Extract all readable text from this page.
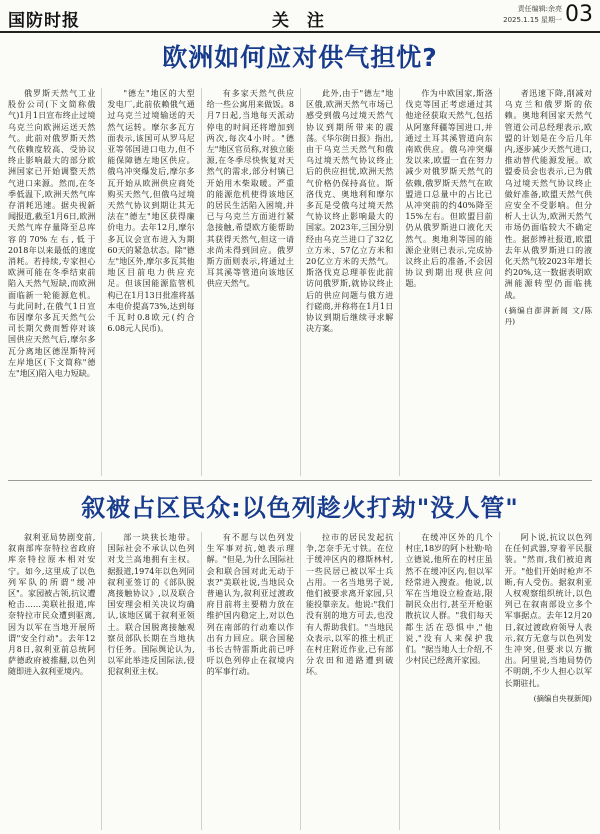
国防时报	关 注
责任编辑:余亮
2025.1.15 星期一 03
欧洲如何应对供气担忧?

俄罗斯天然气工业股份公司(下文简称俄气)1月1日宣布终止过境乌克兰向欧洲运送天然气。此前对俄罗斯天然气依赖度较高、受协议终止影响最大的部分欧洲国家已开始调整天然气进口来源。然而,在冬季低温下,欧洲天然气库存消耗迅速。据央视新闻报道,截至1月6日,欧洲天然气库存量降至总库容的70%左右,低于2018年以来最低的速度消耗。若持续,专家担心欧洲可能在冬季结束前陷入天然气短缺,而欧洲面临新一轮能源危机。与此同时,在俄气1日宣布因摩尔多瓦天然气公司长期欠费而暂停对该国供应天然气后,摩尔多瓦分离地区德涅斯特河左岸地区(下文简称"德左"地区)陷入电力短缺。

"德左"地区的大型发电厂,此前依赖俄气通过乌克兰过境输送的天然气运转。摩尔多瓦方面表示,该国可从罗马尼亚等邻国进口电力,但不能保障德左地区供应。俄乌冲突爆发后,摩尔多瓦开始从欧洲供应商处购买天然气,但俄乌过境天然气协议到期让其无法在"德左"地区获得廉价电力。去年12月,摩尔多瓦议会宣布进入为期60天的紧急状态。除"德左"地区外,摩尔多瓦其他地区目前电力供应充足。但该国能源监管机构已在1月13日批准将基本电价提高73%,达到每千瓦时0.8欧元(约合6.08元人民币)。

有多家天然气供应给一些公寓用来做饭。8月7日起,当地每天派动停电的时间还将增加到两次,每次4小时。"德左"地区官员称,对独立能源,在冬季尽快恢复对天然气的需求,部分村镇已开始用木柴取暖。严重的能源危机使得该地区的居民生活陷入困境,并已与乌克兰方面进行紧急接触,希望欧方能帮助其获得天然气,但这一请求尚未得到回应。俄罗斯方面则表示,将通过土耳其溪等管道向该地区供应天然气。

此外,由于"德左"地区俄,欧洲天然气市场已感受到俄乌过境天然气协议到期所带来的震荡。《华尔街日报》指出,由于乌克兰天然气和俄乌过境天然气协议终止后的供应担忧,欧洲天然气价格仍保持高位。斯洛伐克、奥地利和摩尔多瓦是受俄乌过境天然气协议终止影响最大的国家。2023年,三国分别经由乌克兰进口了32亿立方米、57亿立方米和20亿立方米的天然气。斯洛伐克总理菲佐此前访问俄罗斯,就协议终止后的供应问题与俄方进行磋商,并称将在1月1日协议到期后继续寻求解决方案。

作为中欧国家,斯洛伐克等国正考虑通过其他途径获取天然气,包括从阿塞拜疆等国进口,并通过土耳其溪管道向东南欧供应。俄乌冲突爆发以来,欧盟一直在努力减少对俄罗斯天然气的依赖,俄罗斯天然气在欧盟进口总量中的占比已从冲突前的约40%降至15%左右。但欧盟目前仍从俄罗斯进口液化天然气。奥地利等国的能源企业则已表示,完成协议终止后的准备,不会因协议到期出现供应问题。

者迅速下降,削减对乌克兰和俄罗斯的依赖。奥地利国家天然气管道公司总经理表示,欧盟的计划是在今后几年内,逐步减少天然气进口,推动替代能源发展。欧盟委员会也表示,已为俄乌过境天然气协议终止做好准备,欧盟天然气供应安全不受影响。但分析人士认为,欧洲天然气市场仍面临较大不确定性。据彭博社报道,欧盟去年从俄罗斯进口的液化天然气较2023年增长约20%,这一数据表明欧洲能源转型仍面临挑战。

(摘编自澎湃新闻 文/陈 丹)
叙被占区民众:以色列趁火打劫"没人管"

叙利亚局势剧变前,叙南部库奈特拉省政府库奈特拉原本相对安宁。如今,这里成了以色列军队的所谓"缓冲区"。家园被占领,抗议遭枪击……美联社报道,库奈特拉市民众遭到驱离,因为以军在当地开展所谓"安全行动"。去年12月8日,叙利亚前总统阿萨德政府被推翻,以色列随即进入叙利亚境内。

部一块狭长地带。国际社会不承认以色列对戈兰高地拥有主权。据报道,1974年以色列同叙利亚签订的《部队脱离接触协议》,以及联合国安理会相关决议均确认,该地区属于叙利亚领土。联合国脱离接触观察员部队长期在当地执行任务。国际舆论认为,以军此举违反国际法,侵犯叙利亚主权。

有不愿与以色列发生军事对抗,她表示理解。"但是,为什么国际社会和联合国对此无动于衷?"美联社说,当地民众普遍认为,叙利亚过渡政府目前将主要精力放在维护国内稳定上,对以色列在南部的行动难以作出有力回应。联合国秘书长古特雷斯此前已呼吁以色列停止在叙境内的军事行动。

拉市的居民发起抗争,怎奈手无寸铁。在位于缓冲区内的穆斯林村,一些民居已被以军士兵占用。一名当地男子说,他们被要求离开家园,只能投靠亲友。他说:"我们没有别的地方可去,也没有人帮助我们。"当地民众表示,以军的推土机正在村庄附近作业,已有部分农田和道路遭到破坏。

在缓冲区外的几个村庄,18岁的阿卜杜勒·哈立德说,他所在的村庄虽然不在缓冲区内,但以军经常进入搜查。他说,以军在当地设立检查站,限制民众出行,甚至开枪驱散抗议人群。"我们每天都生活在恐惧中,"他说,"没有人来保护我们。"据当地人士介绍,不少村民已经离开家园。

阿卜说,抗议以色列在任何武器,穿着平民服装。"然而,我们被迫离开。"他们开始时枪声不断,有人受伤。据叙利亚人权观察组织统计,以色列已在叙南部设立多个军事据点。去年12月20日,叙过渡政府领导人表示,叙方无意与以色列发生冲突,但要求以方撤出。阿里说,当地局势仍不明朗,不少人担心以军长期驻扎。

(摘编自央视新闻)
